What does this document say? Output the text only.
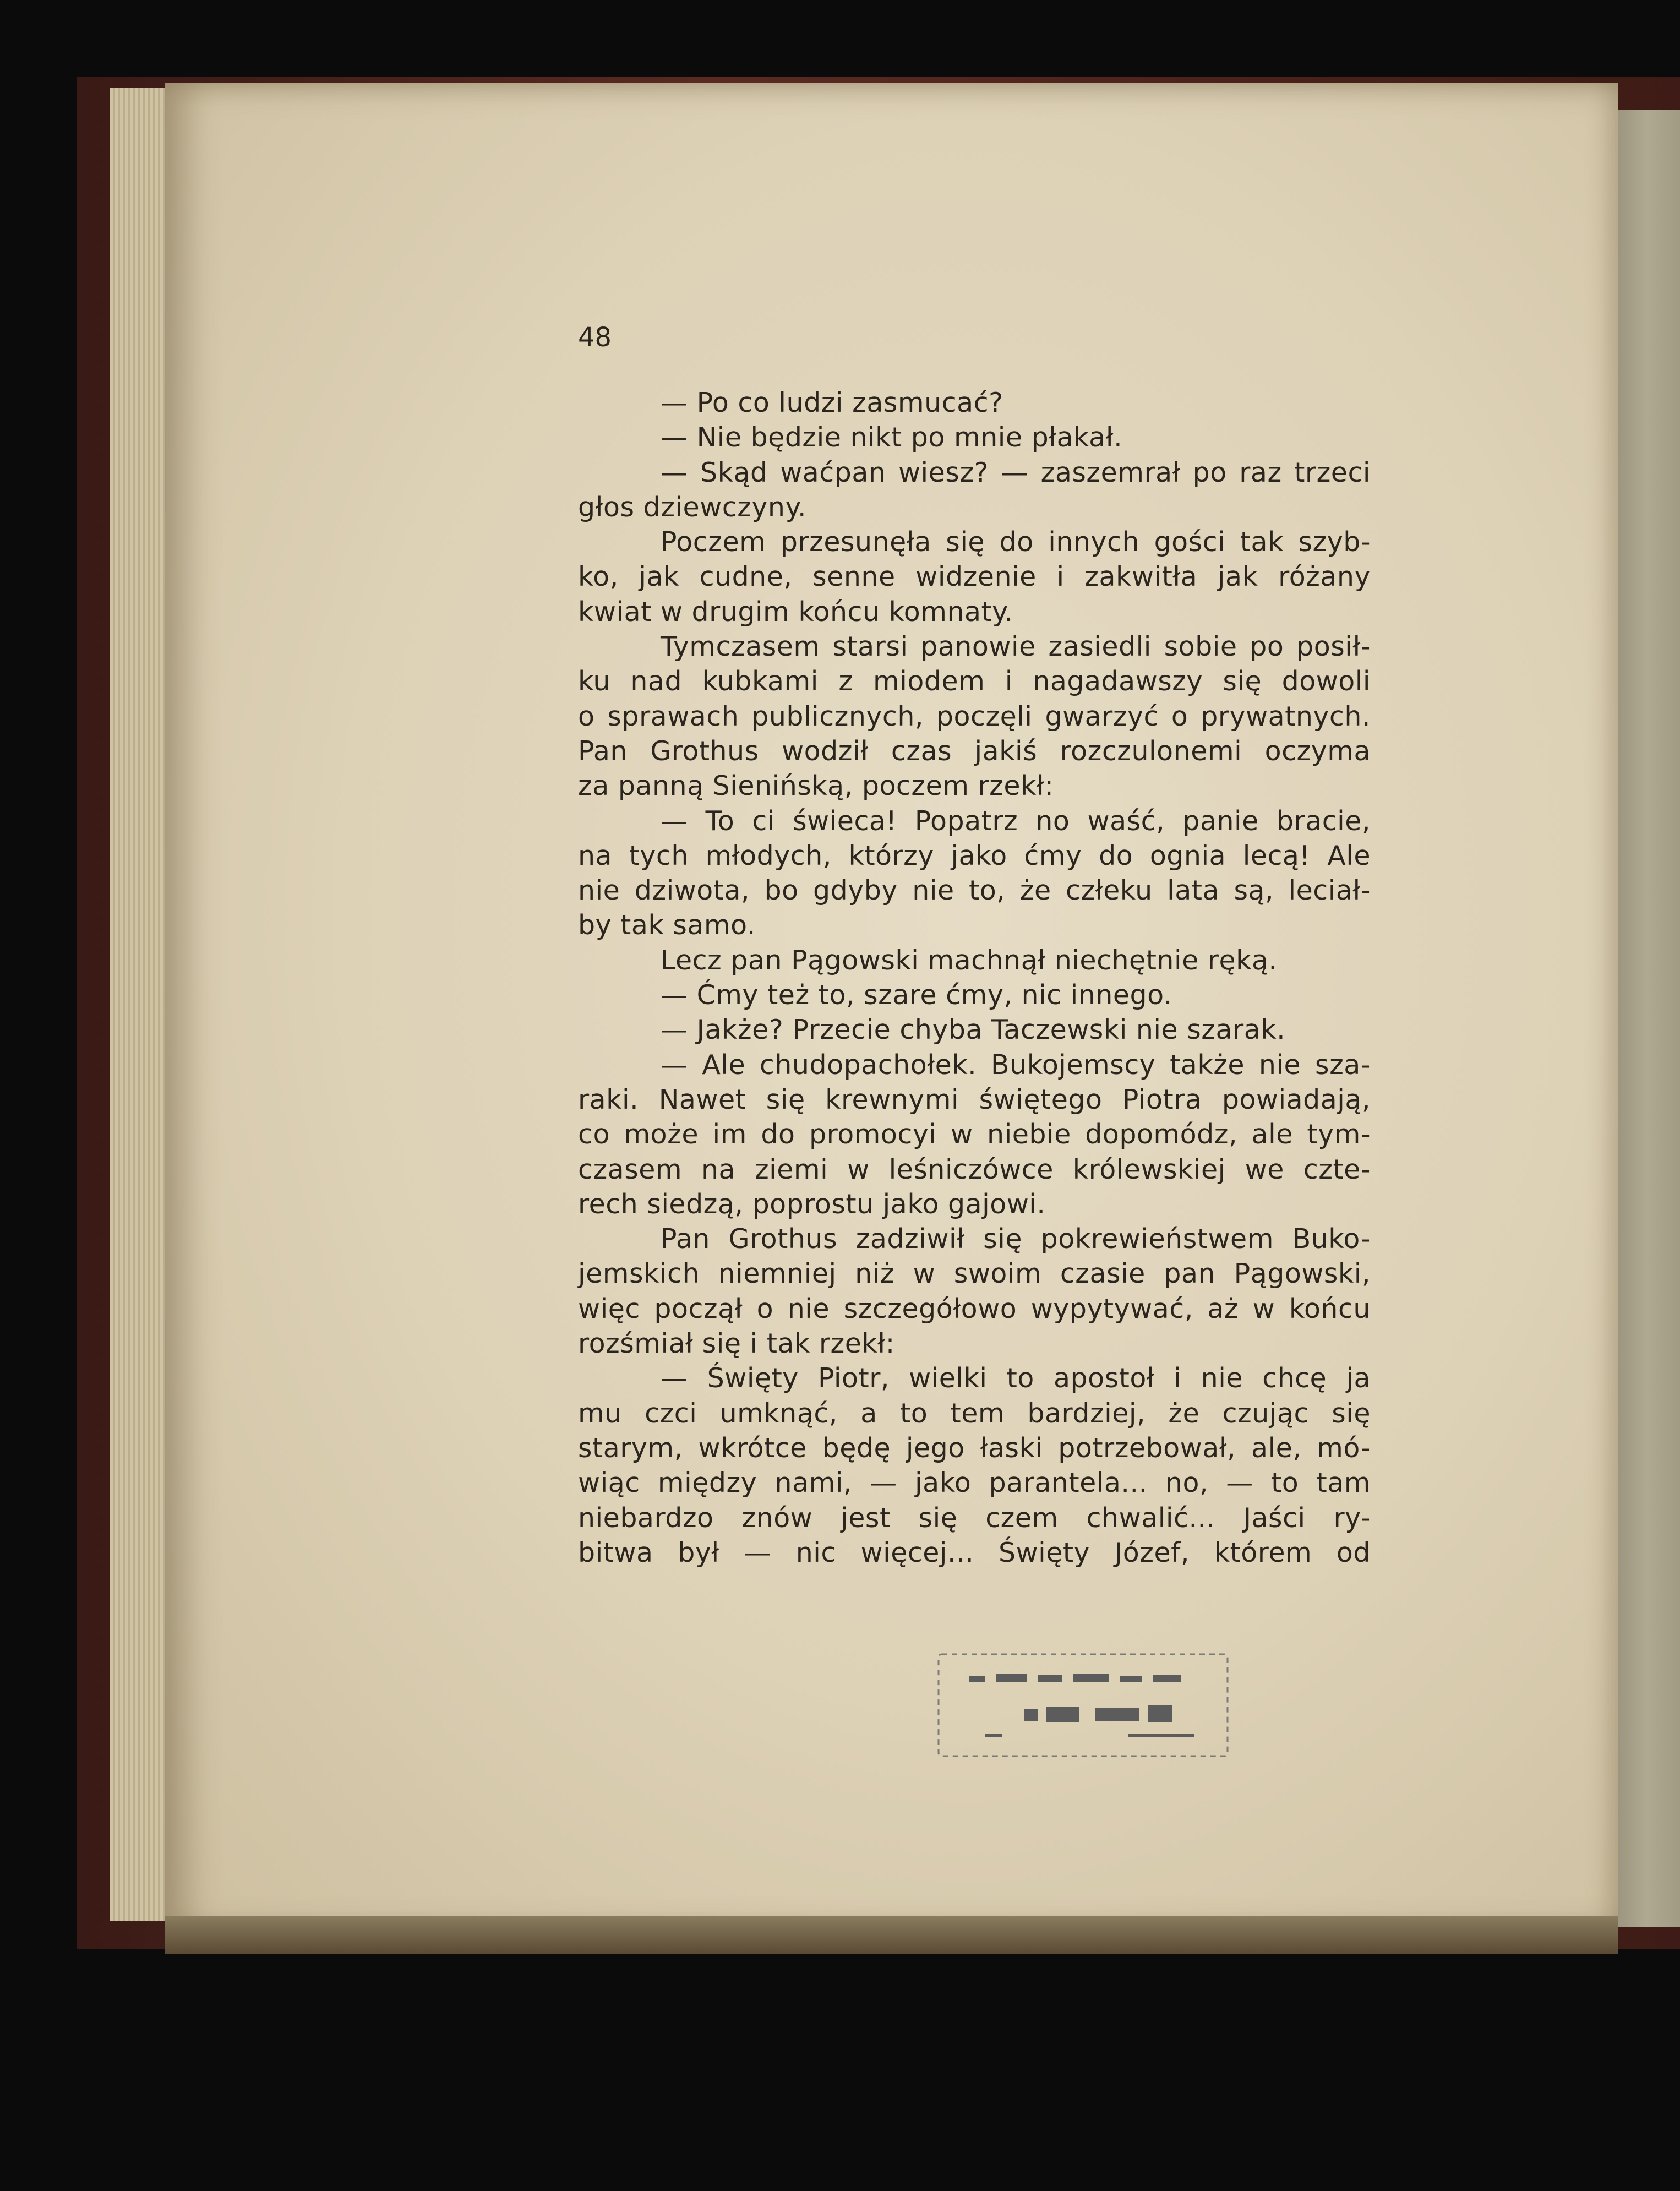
48
— Po co ludzi zasmucać?
— Nie będzie nikt po mnie płakał.
— Skąd waćpan wiesz? — zaszemrał po raz trzeci
głos dziewczyny.
Poczem przesunęła się do innych gości tak szyb-
ko, jak cudne, senne widzenie i zakwitła jak różany
kwiat w drugim końcu komnaty.
Tymczasem starsi panowie zasiedli sobie po posił-
ku nad kubkami z miodem i nagadawszy się dowoli
o sprawach publicznych, poczęli gwarzyć o prywatnych.
Pan Grothus wodził czas jakiś rozczulonemi oczyma
za panną Sienińską, poczem rzekł:
— To ci świeca! Popatrz no waść, panie bracie,
na tych młodych, którzy jako ćmy do ognia lecą! Ale
nie dziwota, bo gdyby nie to, że człeku lata są, leciał-
by tak samo.
Lecz pan Pągowski machnął niechętnie ręką.
— Ćmy też to, szare ćmy, nic innego.
— Jakże? Przecie chyba Taczewski nie szarak.
— Ale chudopachołek. Bukojemscy także nie sza-
raki. Nawet się krewnymi świętego Piotra powiadają,
co może im do promocyi w niebie dopomódz, ale tym-
czasem na ziemi w leśniczówce królewskiej we czte-
rech siedzą, poprostu jako gajowi.
Pan Grothus zadziwił się pokrewieństwem Buko-
jemskich niemniej niż w swoim czasie pan Pągowski,
więc począł o nie szczegółowo wypytywać, aż w końcu
rozśmiał się i tak rzekł:
— Święty Piotr, wielki to apostoł i nie chcę ja
mu czci umknąć, a to tem bardziej, że czując się
starym, wkrótce będę jego łaski potrzebował, ale, mó-
wiąc między nami, — jako parantela... no, — to tam
niebardzo znów jest się czem chwalić... Jaści ry-
bitwa był — nic więcej... Święty Józef, którem od
